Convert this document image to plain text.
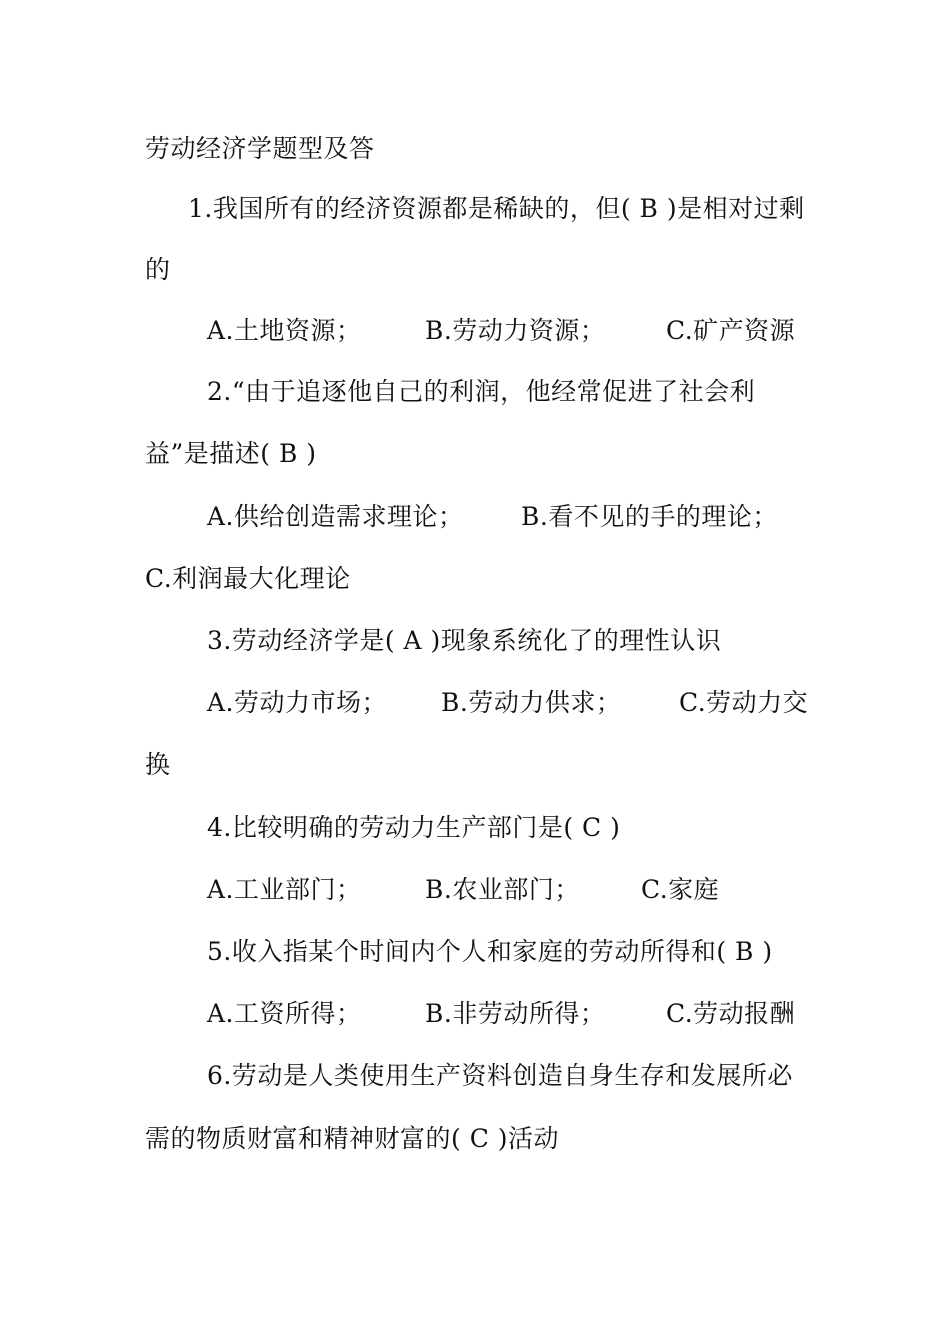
劳动经济学题型及答
1.我国所有的经济资源都是稀缺的，但( B )是相对过剩
的
A.土地资源；	B.劳动力资源； C.矿产资源
2.“由于追逐他自己的利润，他经常促进了社会利
益”是描述( B )
A.供给创造需求理论； B.看不见的手的理论；
C.利润最大化理论
3.劳动经济学是( A )现象系统化了的理性认识
A.劳动力市场； B.劳动力供求； C.劳动力交
换
4.比较明确的劳动力生产部门是( C )
A.工业部门；	B.农业部门； C.家庭
5.收入指某个时间内个人和家庭的劳动所得和( B )
A.工资所得；	B.非劳动所得； C.劳动报酬
6.劳动是人类使用生产资料创造自身生存和发展所必
需的物质财富和精神财富的( C )活动
